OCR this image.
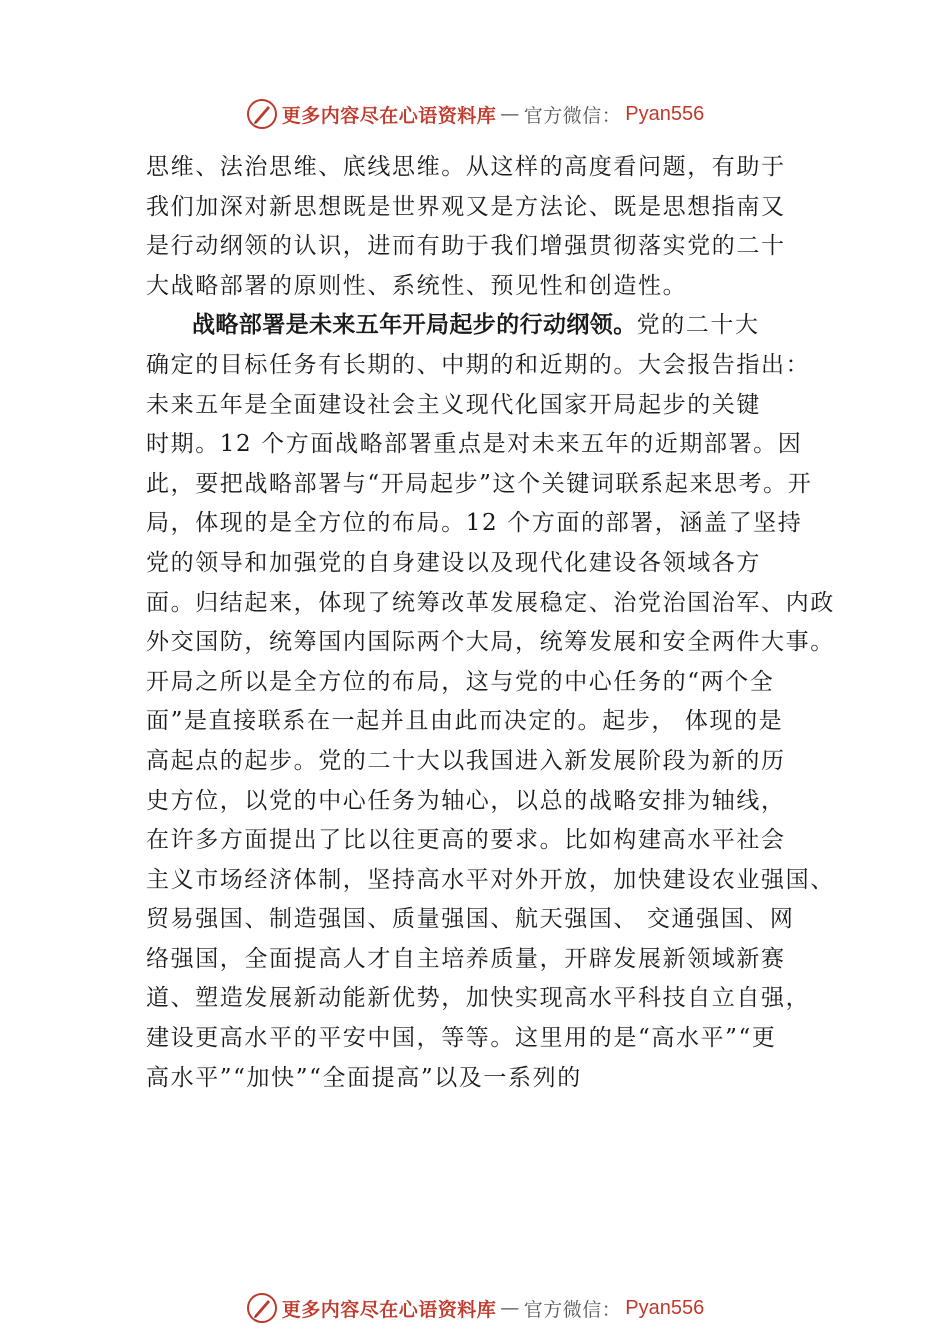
更多内容尽在心语资料库 — 官方微信： Pyan556
思维、法治思维、底线思维。从这样的高度看问题，有助于
我们加深对新思想既是世界观又是方法论、既是思想指南又
是行动纲领的认识，进而有助于我们增强贯彻落实党的二十
大战略部署的原则性、系统性、预见性和创造性。
战略部署是未来五年开局起步的行动纲领。党的二十大
确定的目标任务有长期的、中期的和近期的。大会报告指出：
未来五年是全面建设社会主义现代化国家开局起步的关键
时期。12 个方面战略部署重点是对未来五年的近期部署。因
此，要把战略部署与“开局起步”这个关键词联系起来思考。开
局，体现的是全方位的布局。12 个方面的部署，涵盖了坚持
党的领导和加强党的自身建设以及现代化建设各领域各方
面。归结起来，体现了统筹改革发展稳定、治党治国治军、内政
外交国防，统筹国内国际两个大局，统筹发展和安全两件大事。
开局之所以是全方位的布局，这与党的中心任务的“两个全
面”是直接联系在一起并且由此而决定的。起步， 体现的是
高起点的起步。党的二十大以我国进入新发展阶段为新的历
史方位，以党的中心任务为轴心，以总的战略安排为轴线，
在许多方面提出了比以往更高的要求。比如构建高水平社会
主义市场经济体制，坚持高水平对外开放，加快建设农业强国、
贸易强国、制造强国、质量强国、航天强国、 交通强国、网
络强国，全面提高人才自主培养质量，开辟发展新领域新赛
道、塑造发展新动能新优势，加快实现高水平科技自立自强，
建设更高水平的平安中国，等等。这里用的是“高水平”“更
高水平”“加快”“全面提高”以及一系列的
更多内容尽在心语资料库 — 官方微信： Pyan556
